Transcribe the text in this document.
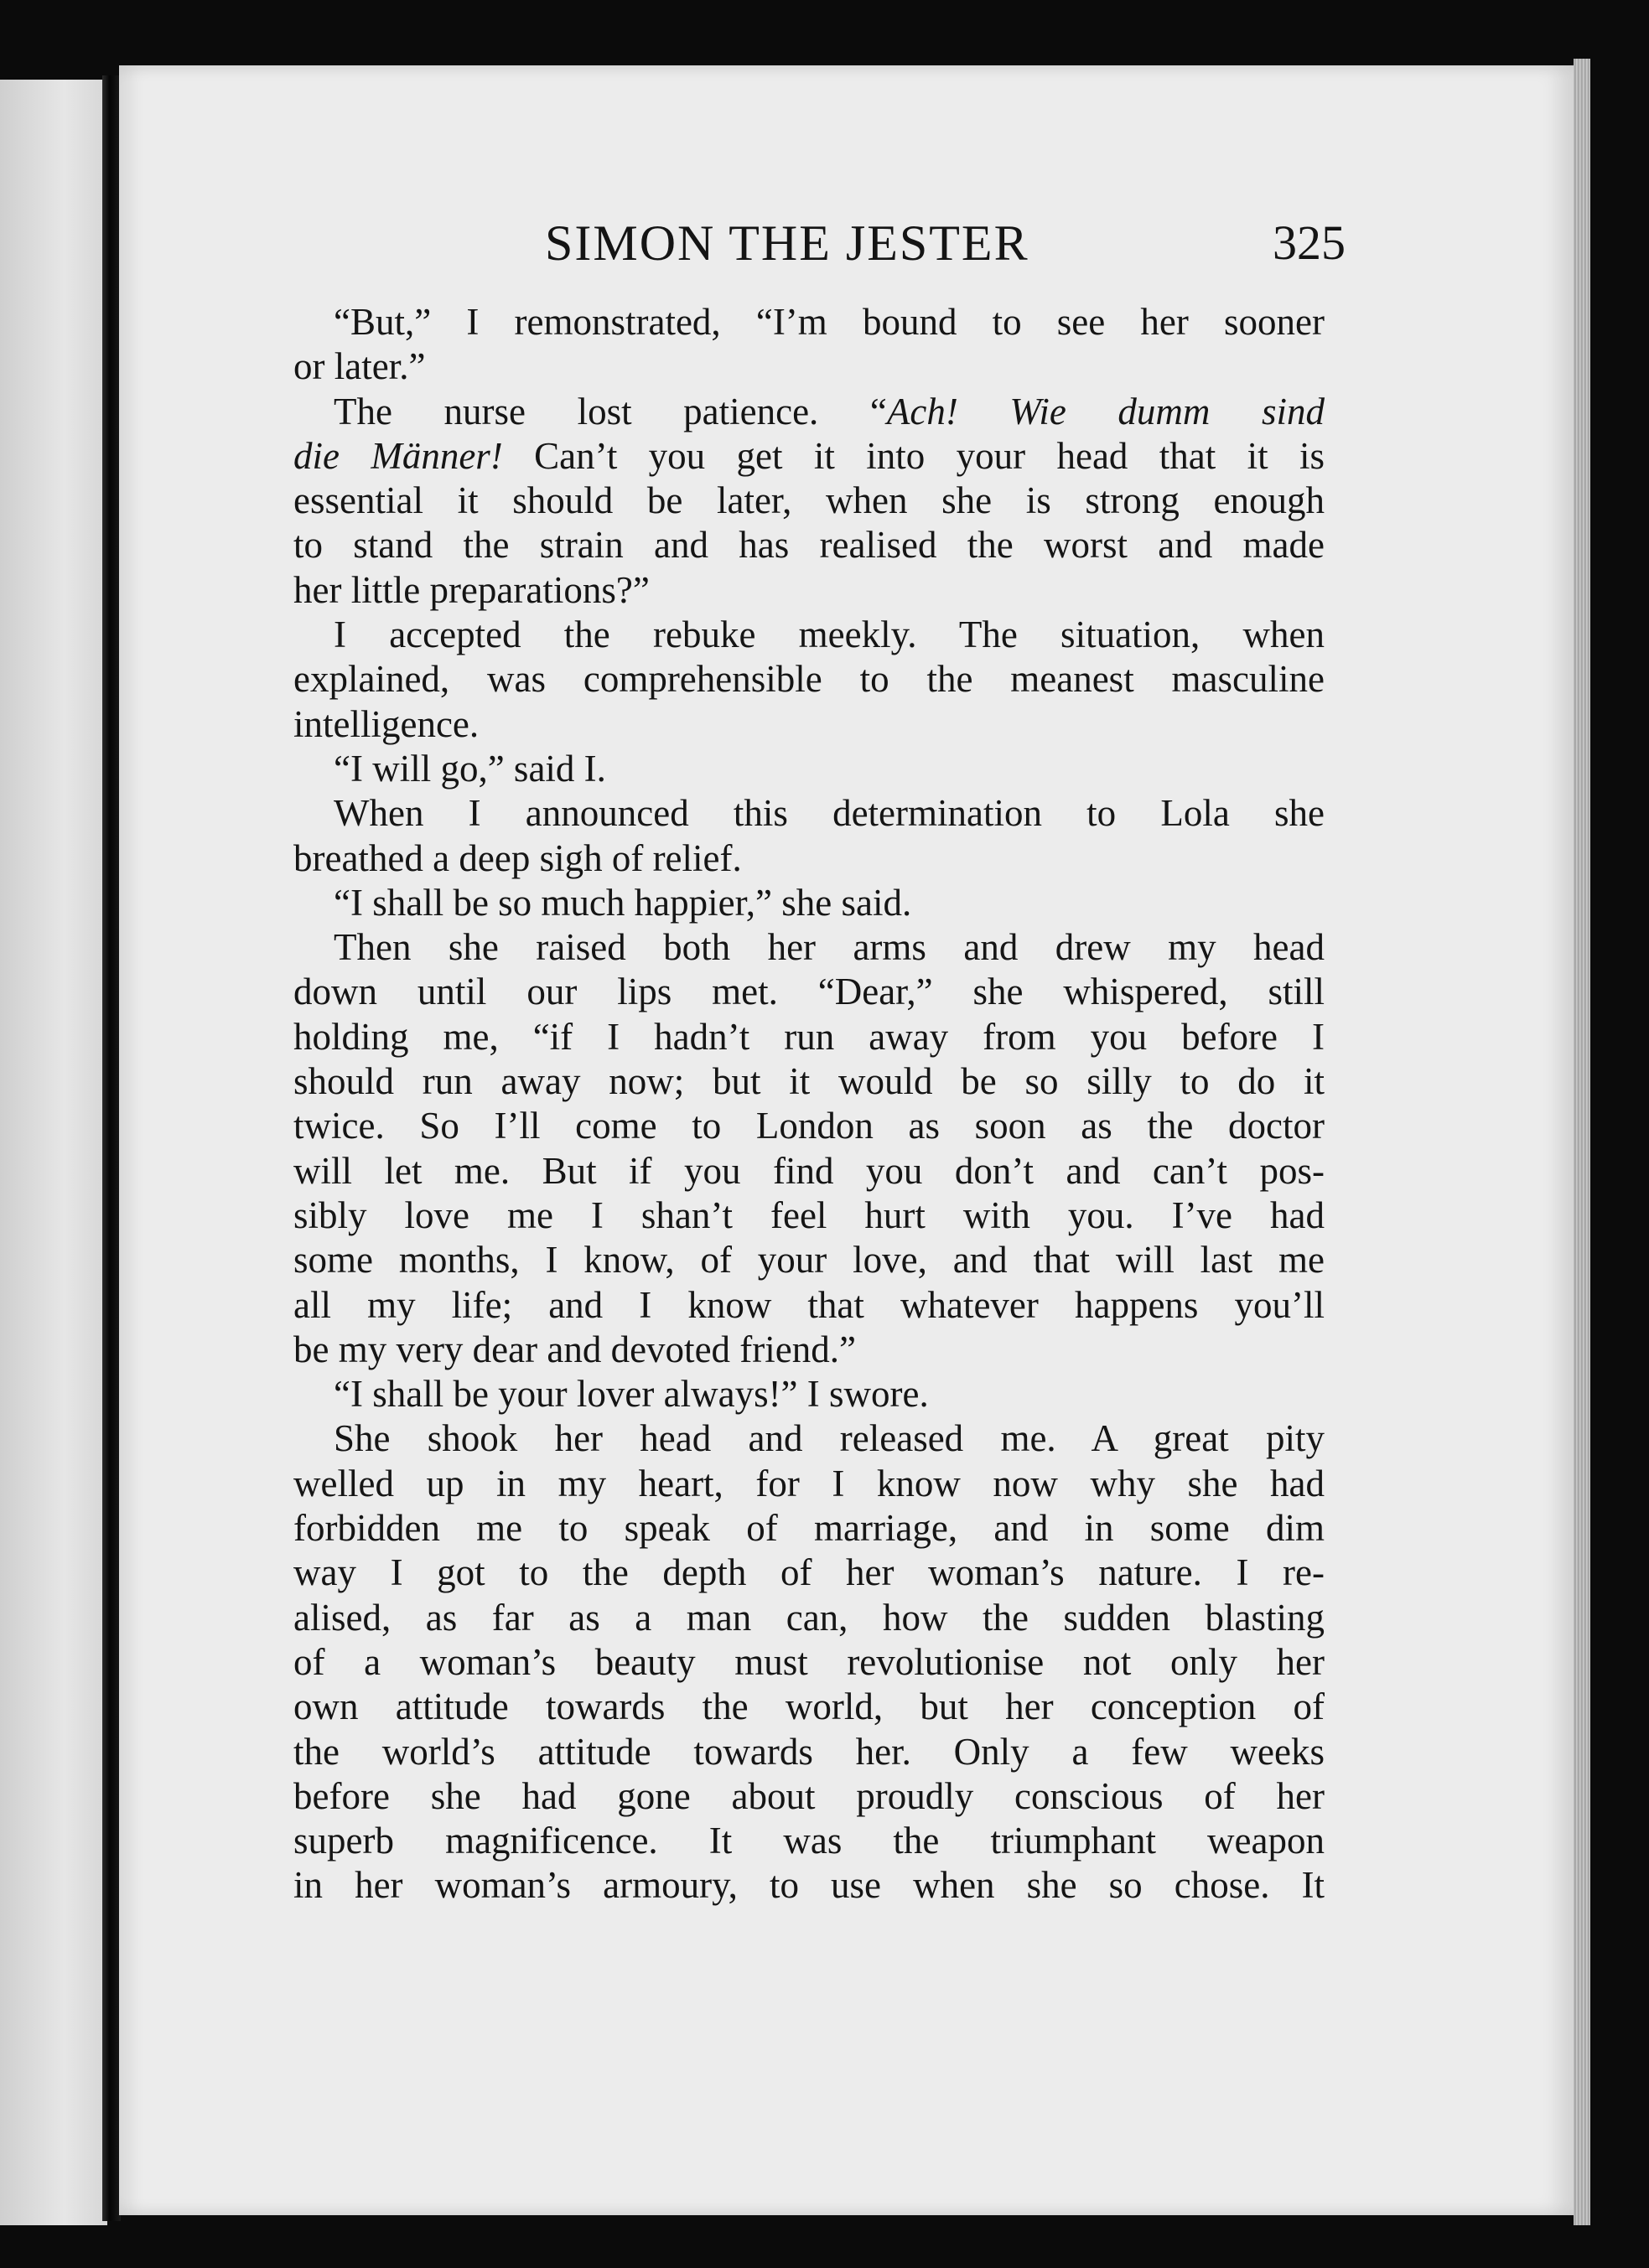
SIMON THE JESTER	325
“But,” I remonstrated, “I’m bound to see her sooner
or later.”
The nurse lost patience. “Ach! Wie dumm sind
die Männer! Can’t you get it into your head that it is
essential it should be later, when she is strong enough
to stand the strain and has realised the worst and made
her little preparations?”
I accepted the rebuke meekly. The situation, when
explained, was comprehensible to the meanest masculine
intelligence.
“I will go,” said I.
When I announced this determination to Lola she
breathed a deep sigh of relief.
“I shall be so much happier,” she said.
Then she raised both her arms and drew my head
down until our lips met. “Dear,” she whispered, still
holding me, “if I hadn’t run away from you before I
should run away now; but it would be so silly to do it
twice. So I’ll come to London as soon as the doctor
will let me. But if you find you don’t and can’t pos-
sibly love me I shan’t feel hurt with you. I’ve had
some months, I know, of your love, and that will last me
all my life; and I know that whatever happens you’ll
be my very dear and devoted friend.”
“I shall be your lover always!” I swore.
She shook her head and released me. A great pity
welled up in my heart, for I know now why she had
forbidden me to speak of marriage, and in some dim
way I got to the depth of her woman’s nature. I re-
alised, as far as a man can, how the sudden blasting
of a woman’s beauty must revolutionise not only her
own attitude towards the world, but her conception of
the world’s attitude towards her. Only a few weeks
before she had gone about proudly conscious of her
superb magnificence. It was the triumphant weapon
in her woman’s armoury, to use when she so chose. It
